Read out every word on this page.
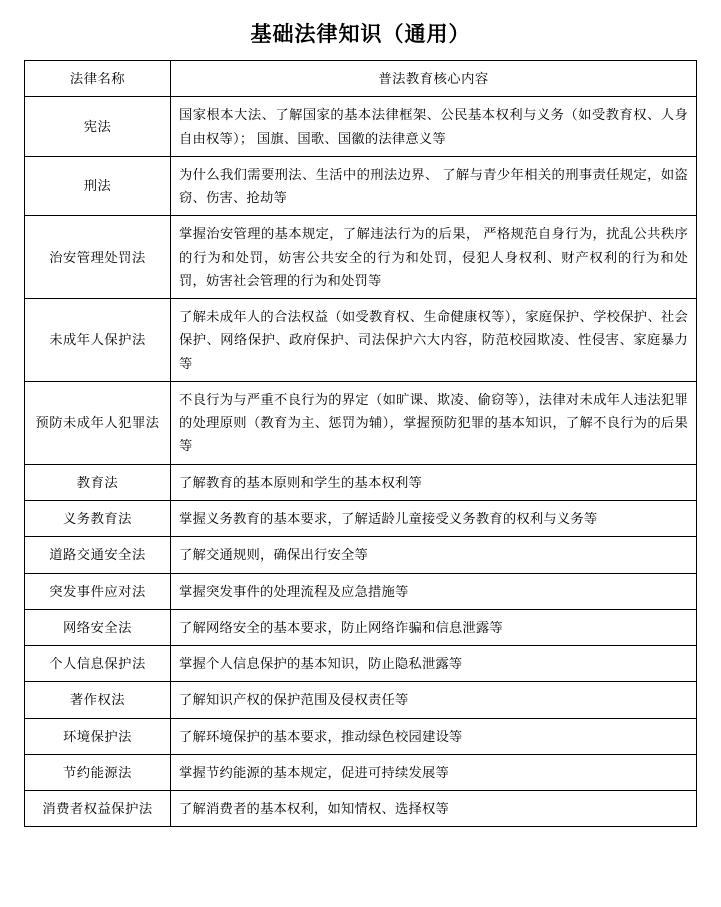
基础法律知识（通用）
法律名称	普法教育核心内容
宪法	国家根本大法、了解国家的基本法律框架、公民基本权利与义务（如受教育权、人身自由权等）； 国旗、国歌、国徽的法律意义等
刑法	为什么我们需要刑法、生活中的刑法边界、 了解与青少年相关的刑事责任规定，如盗窃、伤害、抢劫等
治安管理处罚法	掌握治安管理的基本规定，了解违法行为的后果， 严格规范自身行为，扰乱公共秩序的行为和处罚，妨害公共安全的行为和处罚，侵犯人身权利、财产权利的行为和处罚，妨害社会管理的行为和处罚等
未成年人保护法	了解未成年人的合法权益（如受教育权、生命健康权等），家庭保护、学校保护、社会保护、网络保护、政府保护、司法保护六大内容，防范校园欺凌、性侵害、家庭暴力等
预防未成年人犯罪法	不良行为与严重不良行为的界定（如旷课、欺凌、偷窃等），法律对未成年人违法犯罪的处理原则（教育为主、惩罚为辅），掌握预防犯罪的基本知识，了解不良行为的后果等
教育法	了解教育的基本原则和学生的基本权利等
义务教育法	掌握义务教育的基本要求，了解适龄儿童接受义务教育的权利与义务等
道路交通安全法	了解交通规则，确保出行安全等
突发事件应对法	掌握突发事件的处理流程及应急措施等
网络安全法	了解网络安全的基本要求，防止网络诈骗和信息泄露等
个人信息保护法	掌握个人信息保护的基本知识，防止隐私泄露等
著作权法	了解知识产权的保护范围及侵权责任等
环境保护法	了解环境保护的基本要求，推动绿色校园建设等
节约能源法	掌握节约能源的基本规定，促进可持续发展等
消费者权益保护法	了解消费者的基本权利，如知情权、选择权等
